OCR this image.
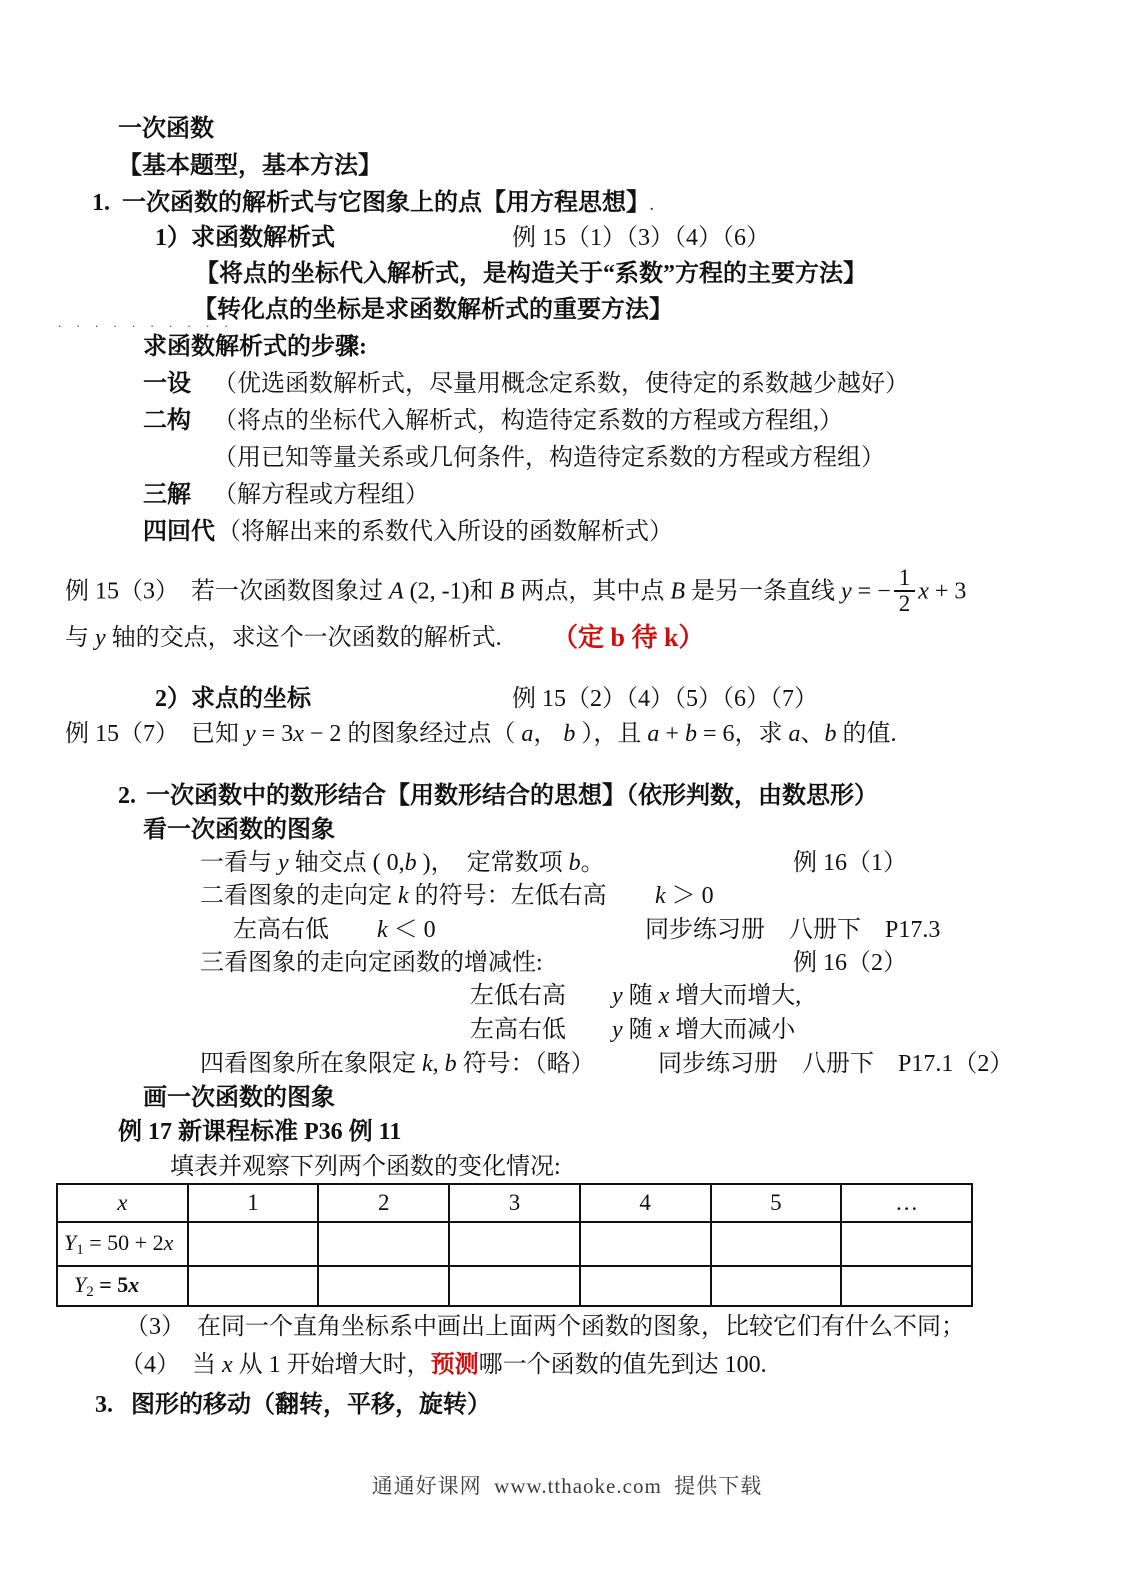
一次函数
【基本题型，基本方法】
1. 一次函数的解析式与它图象上的点【用方程思想】.

1）求函数解析式

	例 15（1）（3）（4）（6）

【将点的坐标代入解析式，是构造关于“系数”方程的主要方法】

. . . . . . . . . .

【转化点的坐标是求函数解析式的重要方法】

求函数解析式的步骤:

一设

（优选函数解析式，尽量用概念定系数，使待定的系数越少越好）

二构

（将点的坐标代入解析式，构造待定系数的方程或方程组,）

（用已知等量关系或几何条件，构造待定系数的方程或方程组）

三解

（解方程或方程组）

四回代

（将解出来的系数代入所设的函数解析式）

例 15（3）  若一次函数图象过 A (2, -1)和 B 两点，其中点 B 是另一条直线 y = − $\frac{1}{2}$ x + 3

与 y 轴的交点，求这个一次函数的解析式.

（定 b 待 k）

2）求点的坐标

	例 15（2）（4）（5）（6）（7）

例 15（7）  已知 y = 3x − 2 的图象经过点（ a， b ），且 a + b = 6，求 a、b 的值.
2. 一次函数中的数形结合【用数形结合的思想】（依形判数，由数思形）
看一次函数的图象

一看与 y 轴交点 ( 0,b )，  定常数项 b。

	例 16（1）

二看图象的走向定 k 的符号：左低右高

k ＞ 0

左高右低

k ＜ 0

	同步练习册　八册下　P17.3

三看图象的走向定函数的增减性:

	例 16（2）

左低右高

y 随 x 增大而增大,

左高右低

y 随 x 增大而减小

四看图象所在象限定 k, b 符号：（略）

	同步练习册　八册下　P17.1（2）

画一次函数的图象
例 17 新课程标准 P36 例 11
填表并观察下列两个函数的变化情况:
x	1	2	3	4	5	…
Y1 = 50 + 2x						
Y2 = 5x						
（3）  在同一个直角坐标系中画出上面两个函数的图象，比较它们有什么不同；
（4）  当 x 从 1 开始增大时，预测哪一个函数的值先到达 100.
3. 图形的移动（翻转，平移，旋转）
通通好课网  www.tthaoke.com  提供下载
